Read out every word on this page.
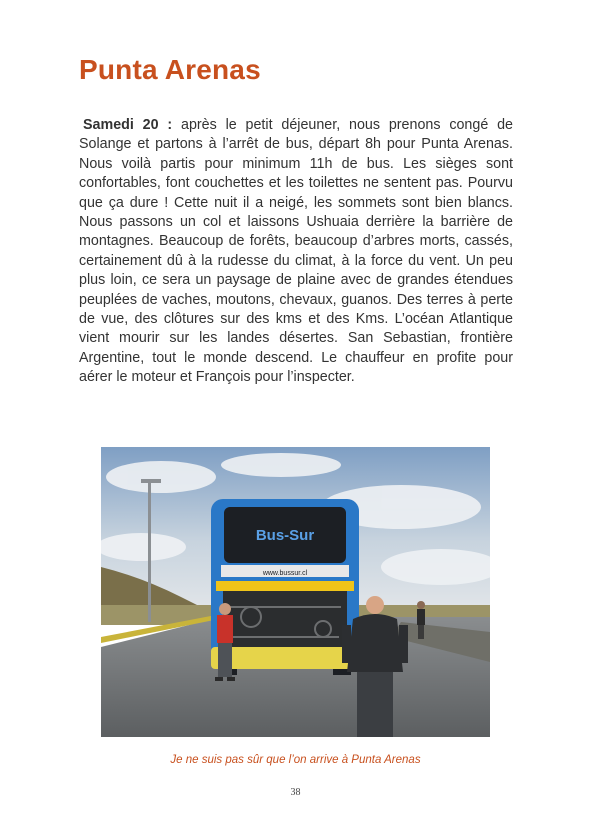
Punta Arenas

Samedi 20 : après le petit déjeuner, nous prenons congé de Solange et partons à l’arrêt de bus, départ 8h pour Punta Arenas. Nous voilà partis pour minimum 11h de bus. Les sièges sont confortables, font couchettes et les toilettes ne sentent pas. Pourvu que ça dure ! Cette nuit il a neigé, les sommets sont bien blancs. Nous passons un col et laissons Ushuaia derrière la barrière de montagnes. Beaucoup de forêts, beaucoup d’arbres morts, cassés, certainement dû à la rudesse du climat, à la force du vent. Un peu plus loin, ce sera un paysage de plaine avec de grandes étendues peuplées de vaches, moutons, chevaux, guanos. Des terres à perte de vue, des clôtures sur des kms et des Kms. L’océan Atlantique vient mourir sur les landes désertes. San Sebastian, frontière Argentine, tout le monde descend. Le chauffeur en profite pour aérer le moteur et François pour l’inspecter.

Bus-Sur
www.bussur.cl
Je ne suis pas sûr que l’on arrive à Punta Arenas
38
